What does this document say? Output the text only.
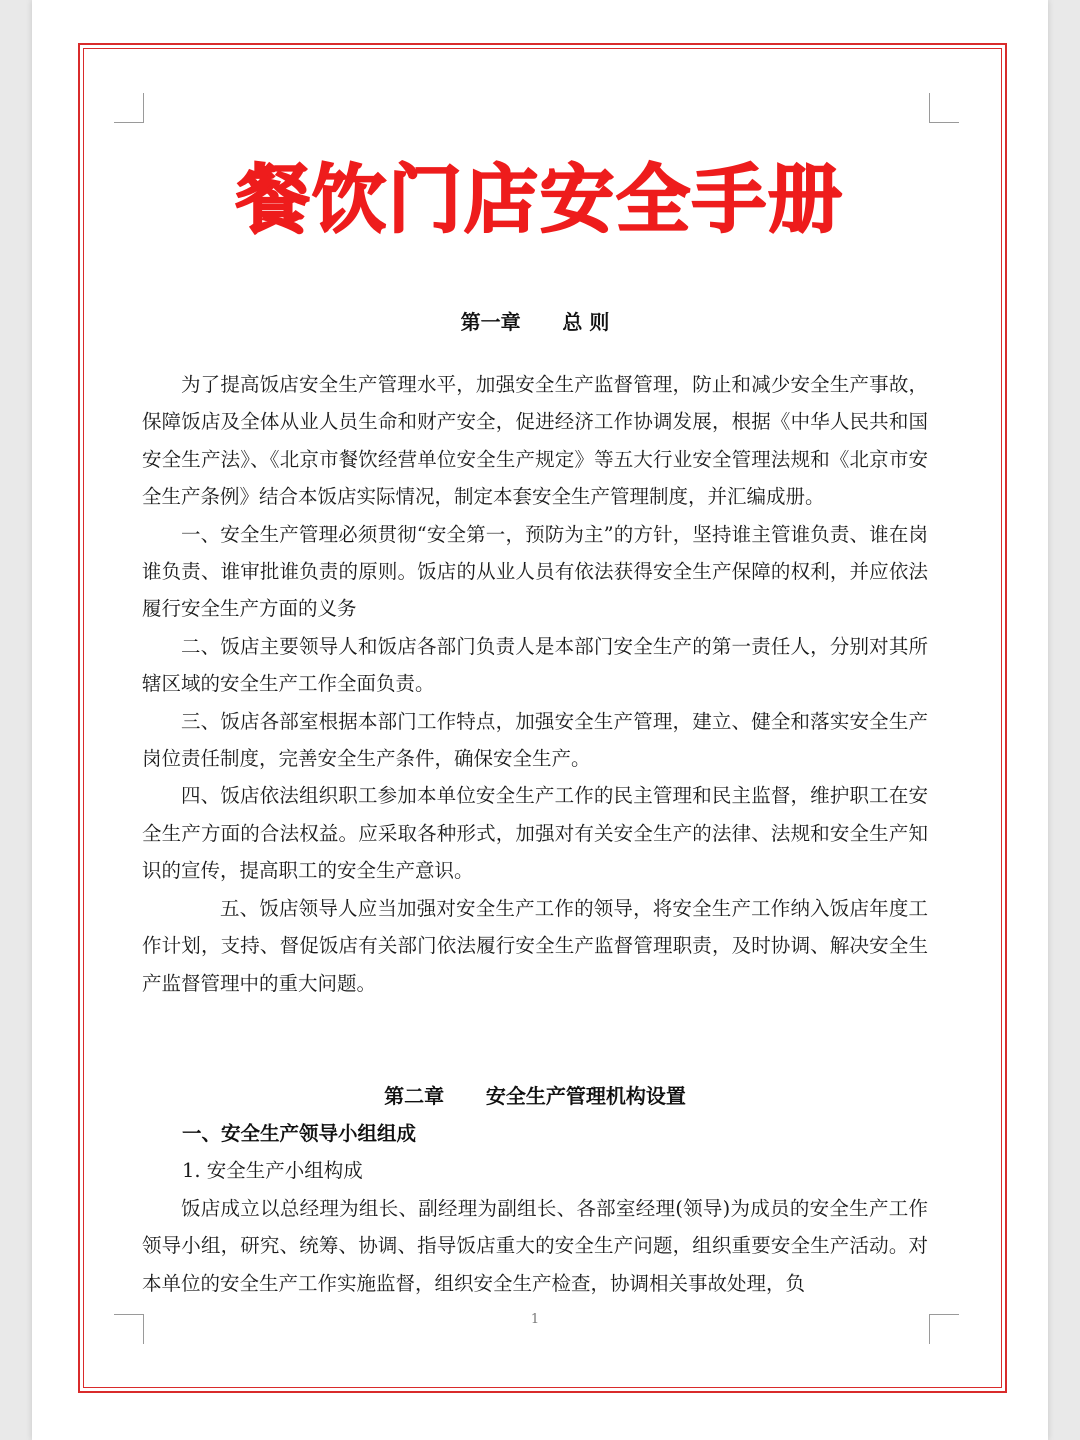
餐饮门店安全手册
第一章      总 则

为了提高饭店安全生产管理水平，加强安全生产监督管理，防止和减少安全生产事故，保障饭店及全体从业人员生命和财产安全，促进经济工作协调发展，根据《中华人民共和国安全生产法》、《北京市餐饮经营单位安全生产规定》等五大行业安全管理法规和《北京市安全生产条例》结合本饭店实际情况，制定本套安全生产管理制度，并汇编成册。

一、安全生产管理必须贯彻“安全第一，预防为主”的方针，坚持谁主管谁负责、谁在岗谁负责、谁审批谁负责的原则。饭店的从业人员有依法获得安全生产保障的权利，并应依法履行安全生产方面的义务

二、饭店主要领导人和饭店各部门负责人是本部门安全生产的第一责任人，分别对其所辖区域的安全生产工作全面负责。

三、饭店各部室根据本部门工作特点，加强安全生产管理，建立、健全和落实安全生产岗位责任制度，完善安全生产条件，确保安全生产。

四、饭店依法组织职工参加本单位安全生产工作的民主管理和民主监督，维护职工在安全生产方面的合法权益。应采取各种形式，加强对有关安全生产的法律、法规和安全生产知识的宣传，提高职工的安全生产意识。

五、饭店领导人应当加强对安全生产工作的领导，将安全生产工作纳入饭店年度工作计划，支持、督促饭店有关部门依法履行安全生产监督管理职责，及时协调、解决安全生产监督管理中的重大问题。

第二章      安全生产管理机构设置
一、安全生产领导小组组成
1. 安全生产小组构成

饭店成立以总经理为组长、副经理为副组长、各部室经理(领导)为成员的安全生产工作领导小组，研究、统筹、协调、指导饭店重大的安全生产问题，组织重要安全生产活动。对本单位的安全生产工作实施监督，组织安全生产检查，协调相关事故处理，负

1
